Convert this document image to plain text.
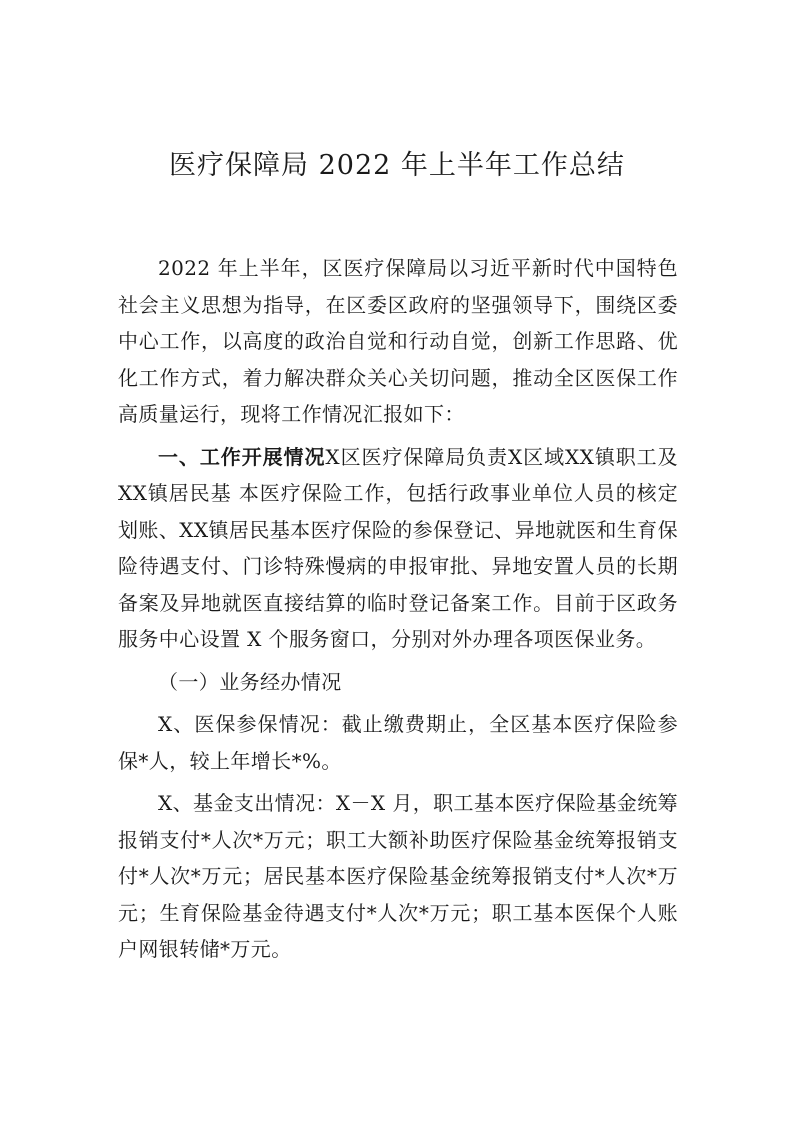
医疗保障局 2022 年上半年工作总结

2022 年上半年，区医疗保障局以习近平新时代中国特色社会主义思想为指导，在区委区政府的坚强领导下，围绕区委中心工作，以高度的政治自觉和行动自觉，创新工作思路、优化工作方式，着力解决群众关心关切问题，推动全区医保工作高质量运行，现将工作情况汇报如下：

一、工作开展情况X区医疗保障局负责X区域XX镇职工及XX镇居民基 本医疗保险工作，包括行政事业单位人员的核定划账、XX镇居民基本医疗保险的参保登记、异地就医和生育保险待遇支付、门诊特殊慢病的申报审批、异地安置人员的长期备案及异地就医直接结算的临时登记备案工作。目前于区政务服务中心设置 X 个服务窗口，分别对外办理各项医保业务。

（一）业务经办情况

X、医保参保情况：截止缴费期止，全区基本医疗保险参保*人，较上年增长*%。

X、基金支出情况：X－X 月，职工基本医疗保险基金统筹报销支付*人次*万元；职工大额补助医疗保险基金统筹报销支付*人次*万元；居民基本医疗保险基金统筹报销支付*人次*万元；生育保险基金待遇支付*人次*万元；职工基本医保个人账户网银转储*万元。
